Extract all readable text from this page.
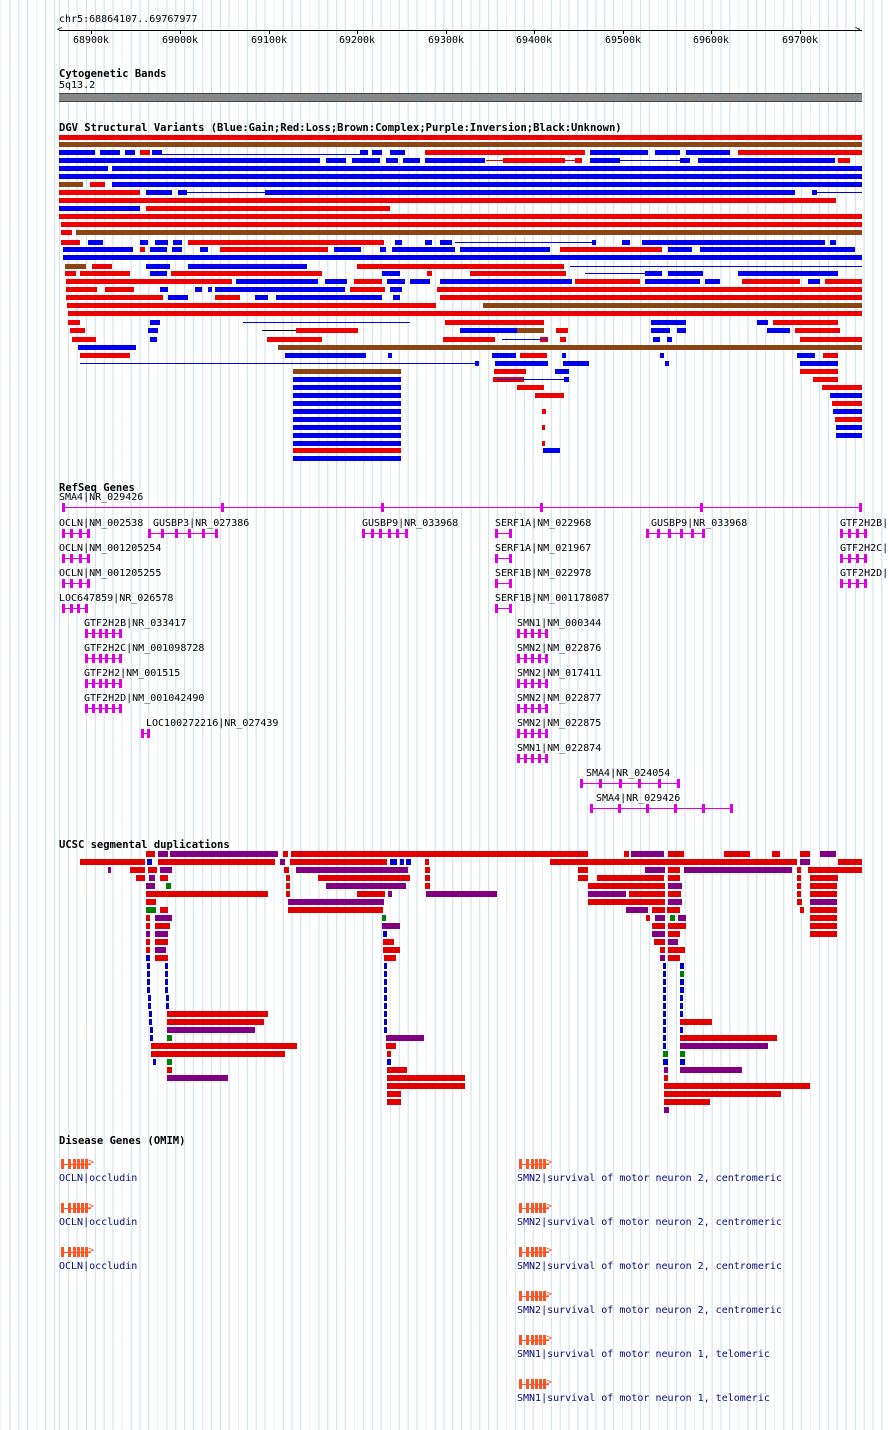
chr5:68864107..69767977
<	>
68900k	69000k	69100k	69200k	69300k	69400k	69500k	69600k	69700k
Cytogenetic Bands
5q13.2
DGV Structural Variants (Blue:Gain;Red:Loss;Brown:Complex;Purple:Inversion;Black:Unknown)
RefSeq Genes
SMA4|NR_029426
OCLN|NM_002538 GUSBP3|NR_027386	GUSBP9|NR_033968	SERF1A|NM_022968	GUSBP9|NR_033968	GTF2H2B|
OCLN|NM_001205254	SERF1A|NM_021967	GTF2H2C|
OCLN|NM_001205255	SERF1B|NM_022978	GTF2H2D|
LOC647859|NR_026578	SERF1B|NM_001178087
GTF2H2B|NR_033417	SMN1|NM_000344
GTF2H2C|NM_001098728	SMN2|NM_022876
GTF2H2|NM_001515	SMN2|NM_017411
GTF2H2D|NM_001042490	SMN2|NM_022877
LOC100272216|NR_027439	SMN2|NM_022875
SMN1|NM_022874
SMA4|NR_024054
SMA4|NR_029426
UCSC segmental duplications
Disease Genes (OMIM)
>
OCLN|occludin
>
OCLN|occludin
>
OCLN|occludin
>
SMN2|survival of motor neuron 2, centromeric
>
SMN2|survival of motor neuron 2, centromeric
>
SMN2|survival of motor neuron 2, centromeric
>
SMN2|survival of motor neuron 2, centromeric
>
SMN1|survival of motor neuron 1, telomeric
>
SMN1|survival of motor neuron 1, telomeric
